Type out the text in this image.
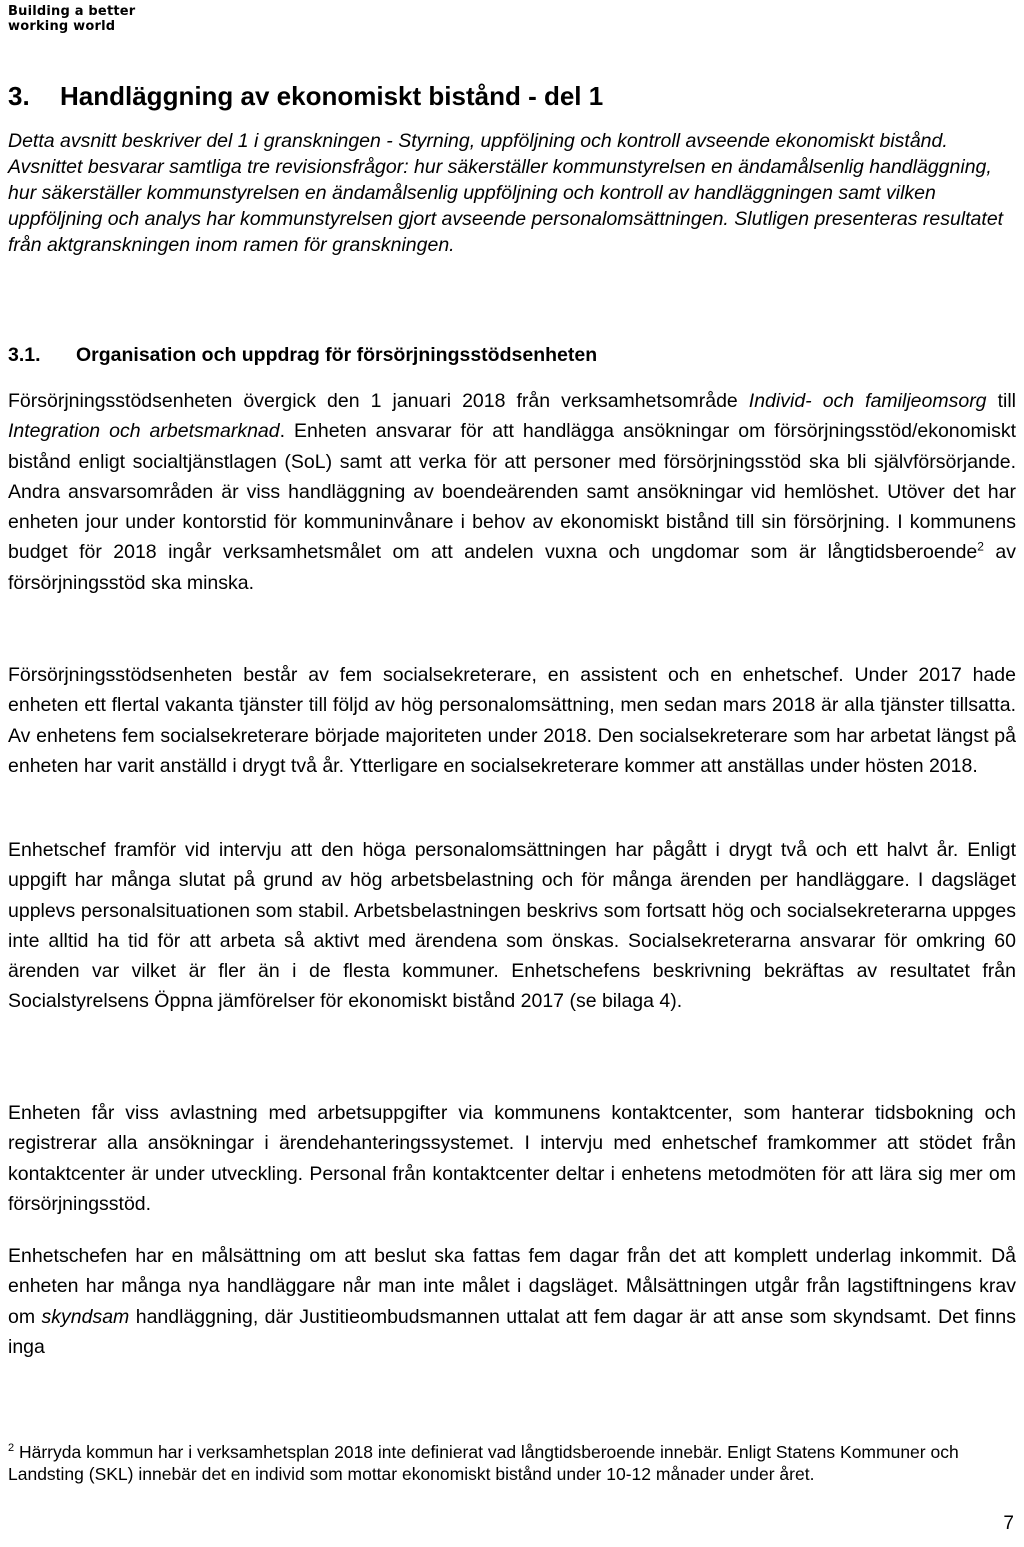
Building a better
working world
3. Handläggning av ekonomiskt bistånd - del 1

Detta avsnitt beskriver del 1 i granskningen - Styrning, uppföljning och kontroll avseende ekonomiskt bistånd. Avsnittet besvarar samtliga tre revisionsfrågor: hur säkerställer kommunstyrelsen en ändamålsenlig handläggning, hur säkerställer kommunstyrelsen en ändamålsenlig uppföljning och kontroll av handläggningen samt vilken uppföljning och analys har kommunstyrelsen gjort avseende personalomsättningen. Slutligen presenteras resultatet från aktgranskningen inom ramen för granskningen.

3.1. Organisation och uppdrag för försörjningsstödsenheten

Försörjningsstödsenheten övergick den 1 januari 2018 från verksamhetsområde Individ- och familjeomsorg till Integration och arbetsmarknad. Enheten ansvarar för att handlägga ansökningar om försörjningsstöd/ekonomiskt bistånd enligt socialtjänstlagen (SoL) samt att verka för att personer med försörjningsstöd ska bli självförsörjande. Andra ansvarsområden är viss handläggning av boendeärenden samt ansökningar vid hemlöshet. Utöver det har enheten jour under kontorstid för kommuninvånare i behov av ekonomiskt bistånd till sin försörjning. I kommunens budget för 2018 ingår verksamhetsmålet om att andelen vuxna och ungdomar som är långtidsberoende$^2$ av försörjningsstöd ska minska.

Försörjningsstödsenheten består av fem socialsekreterare, en assistent och en enhetschef. Under 2017 hade enheten ett flertal vakanta tjänster till följd av hög personalomsättning, men sedan mars 2018 är alla tjänster tillsatta. Av enhetens fem socialsekreterare började majoriteten under 2018. Den socialsekreterare som har arbetat längst på enheten har varit anställd i drygt två år. Ytterligare en socialsekreterare kommer att anställas under hösten 2018.

Enhetschef framför vid intervju att den höga personalomsättningen har pågått i drygt två och ett halvt år. Enligt uppgift har många slutat på grund av hög arbetsbelastning och för många ärenden per handläggare. I dagsläget upplevs personalsituationen som stabil. Arbetsbelastningen beskrivs som fortsatt hög och socialsekreterarna uppges inte alltid ha tid för att arbeta så aktivt med ärendena som önskas. Socialsekreterarna ansvarar för omkring 60 ärenden var vilket är fler än i de flesta kommuner. Enhetschefens beskrivning bekräftas av resultatet från Socialstyrelsens Öppna jämförelser för ekonomiskt bistånd 2017 (se bilaga 4).

Enheten får viss avlastning med arbetsuppgifter via kommunens kontaktcenter, som hanterar tidsbokning och registrerar alla ansökningar i ärendehanteringssystemet. I intervju med enhetschef framkommer att stödet från kontaktcenter är under utveckling. Personal från kontaktcenter deltar i enhetens metodmöten för att lära sig mer om försörjningsstöd.

Enhetschefen har en målsättning om att beslut ska fattas fem dagar från det att komplett underlag inkommit. Då enheten har många nya handläggare når man inte målet i dagsläget. Målsättningen utgår från lagstiftningens krav om skyndsam handläggning, där Justitieombudsmannen uttalat att fem dagar är att anse som skyndsamt. Det finns inga

$^2$ Härryda kommun har i verksamhetsplan 2018 inte definierat vad långtidsberoende innebär. Enligt Statens Kommuner och Landsting (SKL) innebär det en individ som mottar ekonomiskt bistånd under 10-12 månader under året.

7
